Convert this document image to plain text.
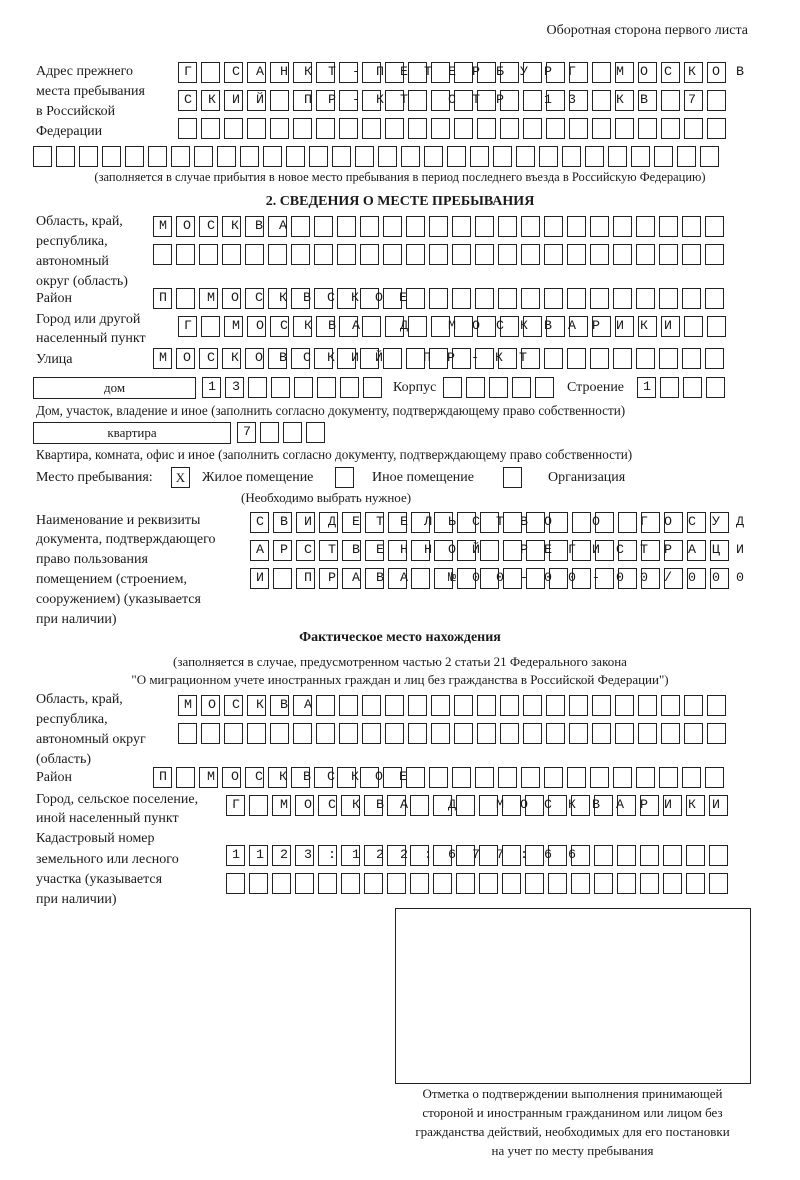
Оборотная сторона первого листа
Адрес прежнего
места пребывания
в Российской
Федерации
Г САНКТ-ПЕТЕРБУРГ МОСКОВ
СКИЙ ПР-КТ СТР 13 КВ 7

(заполняется в случае прибытия в новое место пребывания в период последнего въезда в Российскую Федерацию)
2. СВЕДЕНИЯ О МЕСТЕ ПРЕБЫВАНИЯ
Область, край,
республика,
автономный
округ (область)
МОСКВА

Район	П МОСКВСКОЕ
Город или другой
населенный пункт
Г МОСКВА Д МОСКВАРИКИ
Улица	МОСКОВСКИЙ ПР-КТ
дом	13
Корпус
	Строение 1
Дом, участок, владение и иное (заполнить согласно документу, подтверждающему право собственности)
квартира	7
Квартира, комната, офис и иное (заполнить согласно документу, подтверждающему право собственности)
Место пребывания:	X	Жилое помещение	Иное помещение	Организация
(Необходимо выбрать нужное)
Наименование и реквизиты
документа, подтверждающего
право пользования
помещением (строением,
сооружением) (указывается
при наличии)
СВИДЕТЕЛЬСТВО О ГОСУД
АРСТВЕННОЙ РЕГИСТРАЦИ
И ПРАВА №00-00-00/000
Фактическое место нахождения
(заполняется в случае, предусмотренном частью 2 статьи 21 Федерального закона
"О миграционном учете иностранных граждан и лиц без гражданства в Российской Федерации")
Область, край,
республика,
автономный округ
(область)
МОСКВА

Район	П МОСКВСКОЕ
Город, сельское поселение,
иной населенный пункт
Г МОСКВА Д МОСКВАРИКИ
Кадастровый номер
земельного или лесного
участка (указывается
при наличии)
1123:122:677:66

Отметка о подтверждении выполнения принимающей
стороной и иностранным гражданином или лицом без
гражданства действий, необходимых для его постановки
на учет по месту пребывания
